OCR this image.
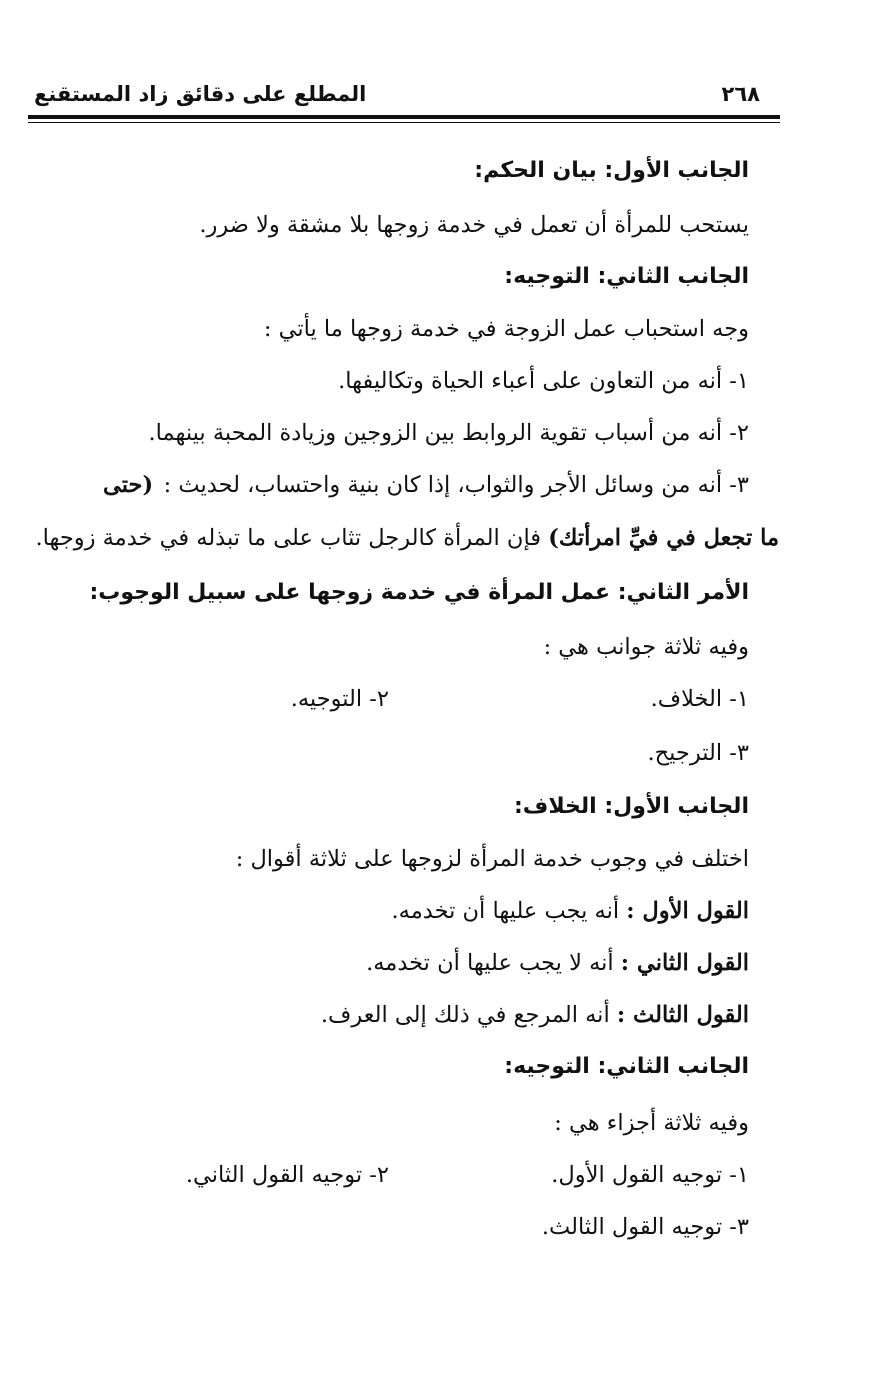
٢٦٨
المطلع على دقائق زاد المستقنع
الجانب الأول: بيان الحكم:
يستحب للمرأة أن تعمل في خدمة زوجها بلا مشقة ولا ضرر.
الجانب الثاني: التوجيه:
وجه استحباب عمل الزوجة في خدمة زوجها ما يأتي :
١- أنه من التعاون على أعباء الحياة وتكاليفها.
٢- أنه من أسباب تقوية الروابط بين الزوجين وزيادة المحبة بينهما.
٣- أنه من وسائل الأجر والثواب، إذا كان بنية واحتساب، لحديث :
(حتى
ما تجعل في فيِّ امرأتك) فإن المرأة كالرجل تثاب على ما تبذله في خدمة زوجها.
الأمر الثاني: عمل المرأة في خدمة زوجها على سبيل الوجوب:
وفيه ثلاثة جوانب هي :
١- الخلاف.
٢- التوجيه.
٣- الترجيح.
الجانب الأول: الخلاف:
اختلف في وجوب خدمة المرأة لزوجها على ثلاثة أقوال :
القول الأول : أنه يجب عليها أن تخدمه.
القول الثاني : أنه لا يجب عليها أن تخدمه.
القول الثالث : أنه المرجع في ذلك إلى العرف.
الجانب الثاني: التوجيه:
وفيه ثلاثة أجزاء هي :
١- توجيه القول الأول.
٢- توجيه القول الثاني.
٣- توجيه القول الثالث.
